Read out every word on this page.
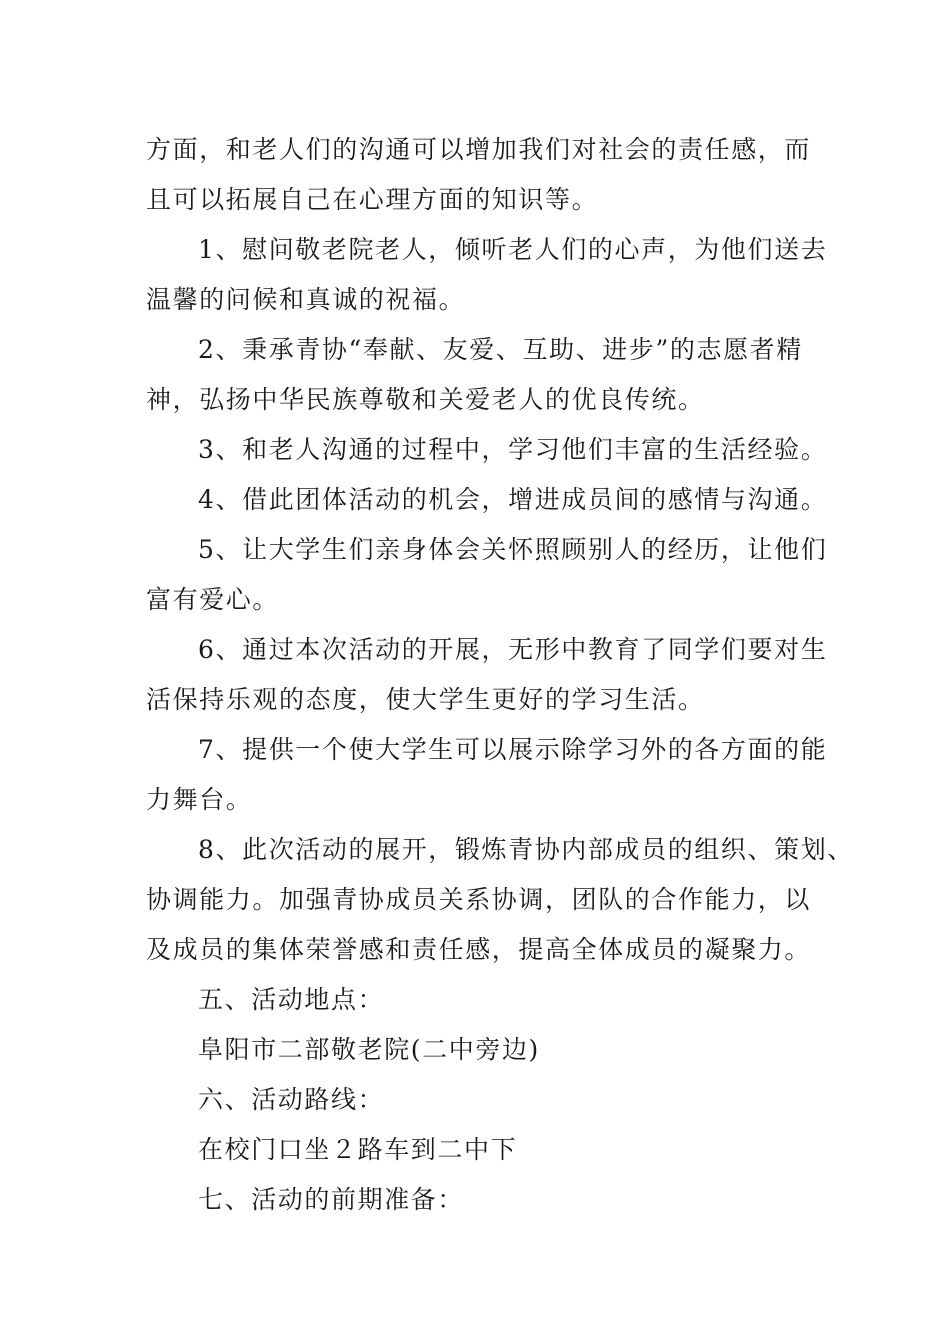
方面，和老人们的沟通可以增加我们对社会的责任感，而
且可以拓展自己在心理方面的知识等。
1、慰问敬老院老人，倾听老人们的心声，为他们送去
温馨的问候和真诚的祝福。
2、秉承青协“奉献、友爱、互助、进步”的志愿者精
神，弘扬中华民族尊敬和关爱老人的优良传统。
3、和老人沟通的过程中，学习他们丰富的生活经验。
4、借此团体活动的机会，增进成员间的感情与沟通。
5、让大学生们亲身体会关怀照顾别人的经历，让他们
富有爱心。
6、通过本次活动的开展，无形中教育了同学们要对生
活保持乐观的态度，使大学生更好的学习生活。
7、提供一个使大学生可以展示除学习外的各方面的能
力舞台。
8、此次活动的展开，锻炼青协内部成员的组织、策划、
协调能力。加强青协成员关系协调，团队的合作能力，以
及成员的集体荣誉感和责任感，提高全体成员的凝聚力。
五、活动地点：
阜阳市二部敬老院(二中旁边)
六、活动路线：
在校门口坐２路车到二中下
七、活动的前期准备：
